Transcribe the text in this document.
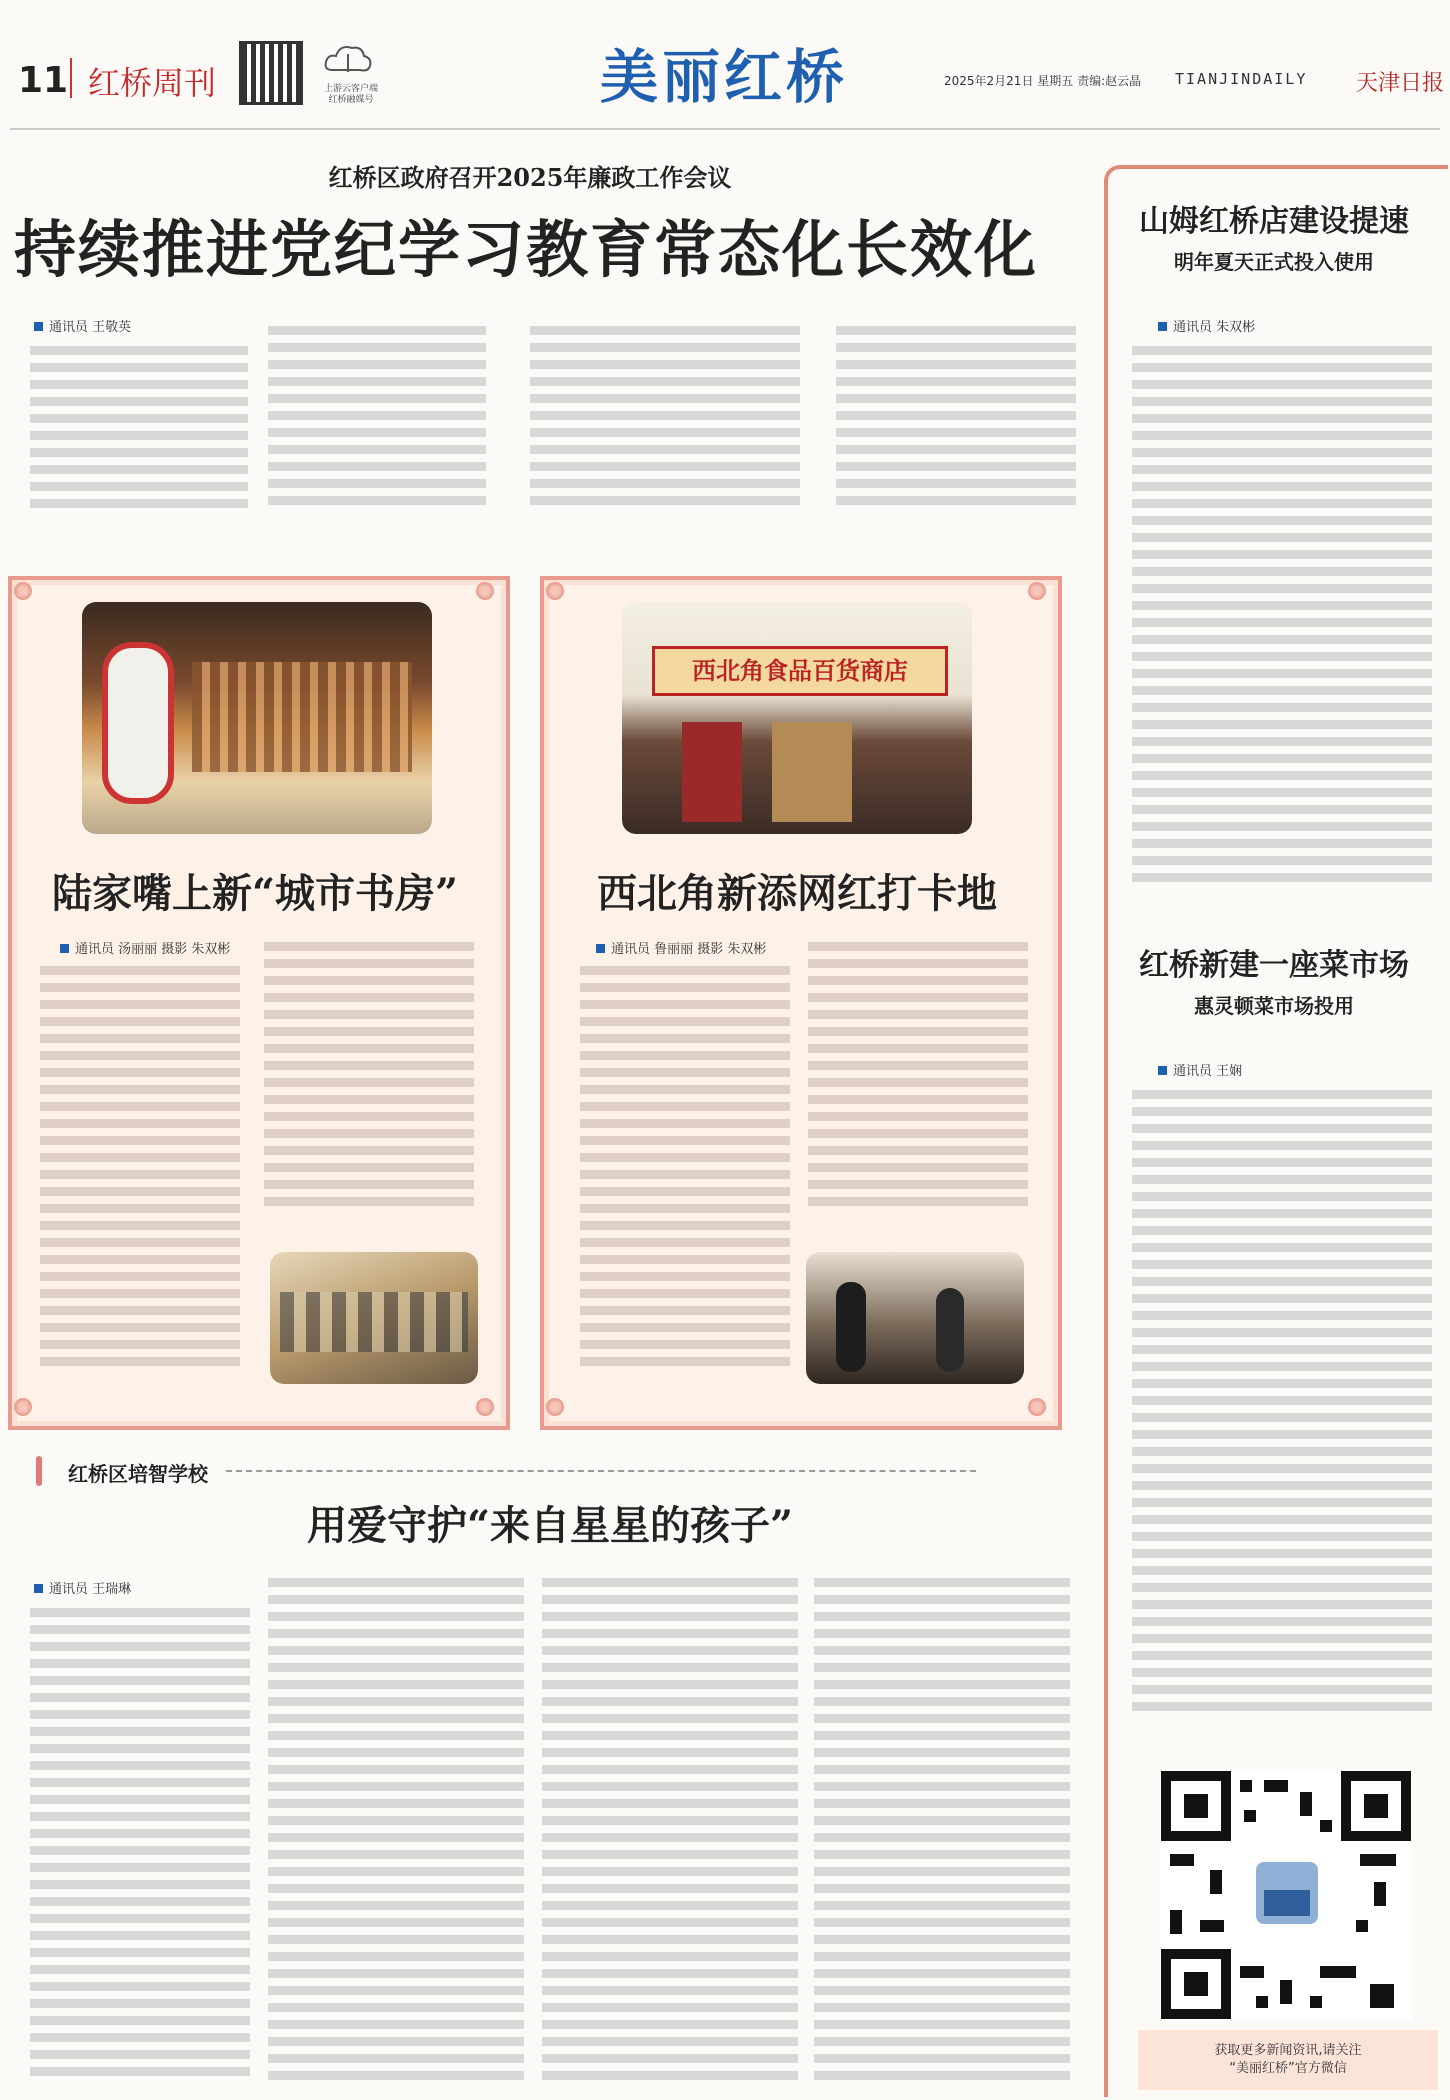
11 红桥周刊	上游云客户端
红桥融媒号	美丽红桥	2025年2月21日 星期五 责编:赵云晶 TIANJINDAILY 天津日报
红桥区政府召开2025年廉政工作会议
持续推进党纪学习教育常态化长效化
通讯员 王敬英
陆家嘴上新“城市书房”
通讯员 汤丽丽 摄影 朱双彬
西北角食品百货商店
西北角新添网红打卡地
通讯员 鲁丽丽 摄影 朱双彬
红桥区培智学校
用爱守护“来自星星的孩子”
通讯员 王瑞琳
山姆红桥店建设提速
明年夏天正式投入使用
通讯员 朱双彬
红桥新建一座菜市场
惠灵顿菜市场投用
通讯员 王娴
获取更多新闻资讯,请关注
“美丽红桥”官方微信
